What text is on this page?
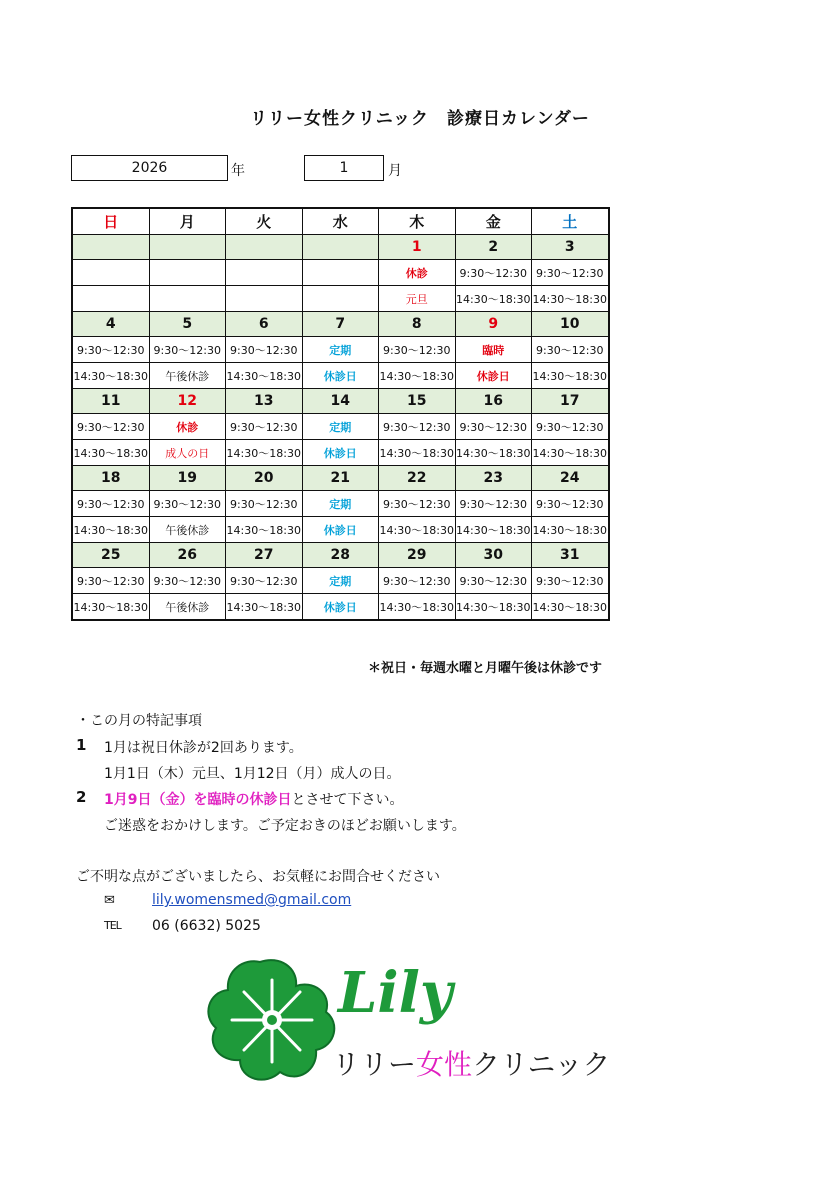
リリー女性クリニック　診療日カレンダー
2026	年	1	月
日	月	火	水	木	金	土
				1	2	3
				休診	9:30〜12:30	9:30〜12:30
				元旦	14:30〜18:30	14:30〜18:30
4	5	6	7	8	9	10
9:30〜12:30	9:30〜12:30	9:30〜12:30	定期	9:30〜12:30	臨時	9:30〜12:30
14:30〜18:30	午後休診	14:30〜18:30	休診日	14:30〜18:30	休診日	14:30〜18:30
11	12	13	14	15	16	17
9:30〜12:30	休診	9:30〜12:30	定期	9:30〜12:30	9:30〜12:30	9:30〜12:30
14:30〜18:30	成人の日	14:30〜18:30	休診日	14:30〜18:30	14:30〜18:30	14:30〜18:30
18	19	20	21	22	23	24
9:30〜12:30	9:30〜12:30	9:30〜12:30	定期	9:30〜12:30	9:30〜12:30	9:30〜12:30
14:30〜18:30	午後休診	14:30〜18:30	休診日	14:30〜18:30	14:30〜18:30	14:30〜18:30
25	26	27	28	29	30	31
9:30〜12:30	9:30〜12:30	9:30〜12:30	定期	9:30〜12:30	9:30〜12:30	9:30〜12:30
14:30〜18:30	午後休診	14:30〜18:30	休診日	14:30〜18:30	14:30〜18:30	14:30〜18:30
＊祝日・毎週水曜と月曜午後は休診です
・この月の特記事項
1 1月は祝日休診が2回あります。
1月1日（木）元旦、1月12日（月）成人の日。
2 1月9日（金）を臨時の休診日とさせて下さい。
ご迷惑をおかけします。ご予定おきのほどお願いします。
ご不明な点がございましたら、お気軽にお問合せください
✉	lily.womensmed@gmail.com
TEL 06 (6632) 5025
Lily
リリー女性クリニック
